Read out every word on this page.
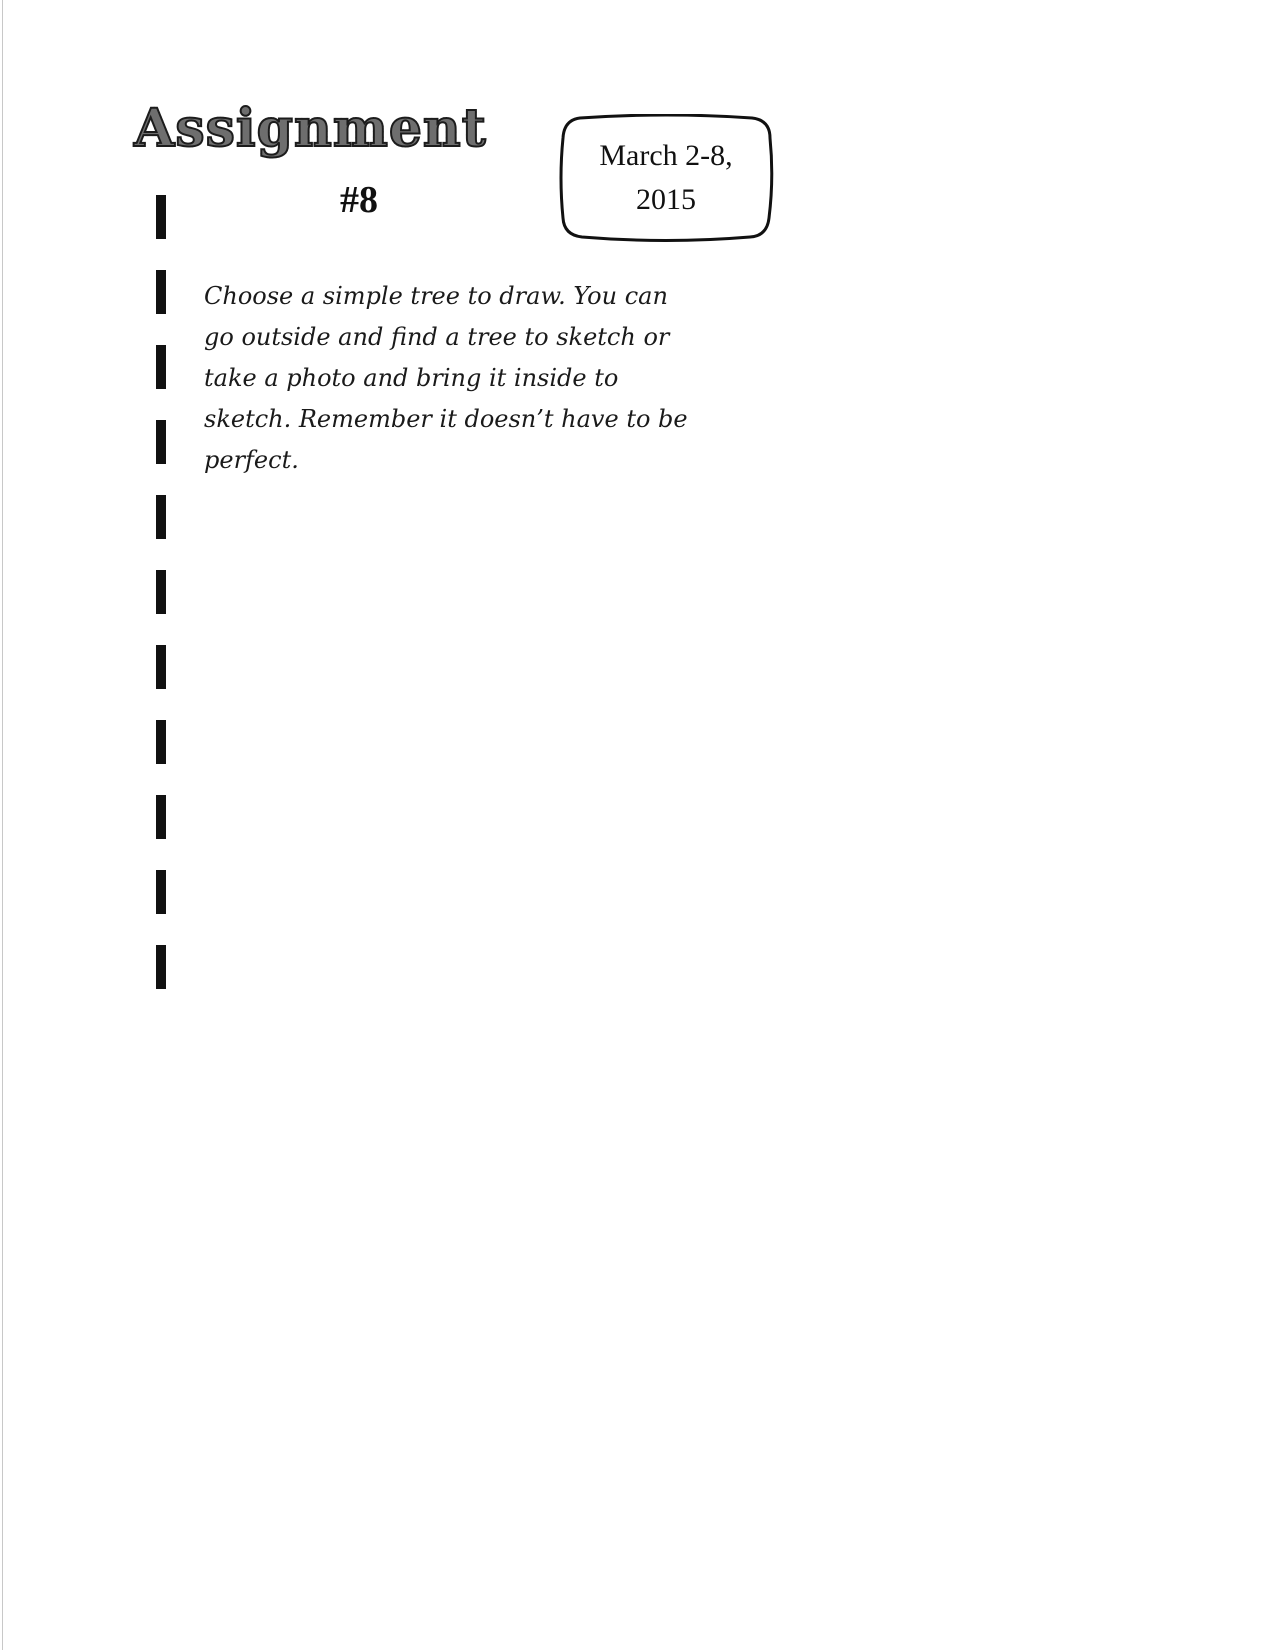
Assignment
#8
March 2-8,
2015
Choose a simple tree to draw. You can
go outside and find a tree to sketch or
take a photo and bring it inside to
sketch. Remember it doesn’t have to be
perfect.
